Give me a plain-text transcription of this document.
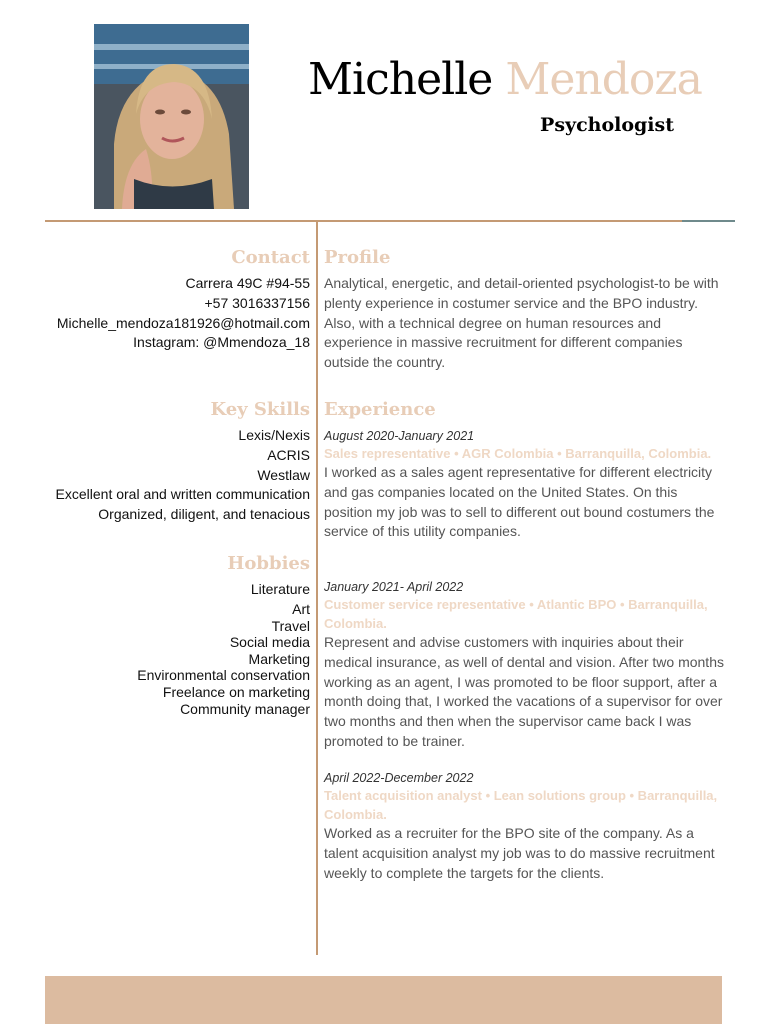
Michelle Mendoza
Psychologist
Contact
Carrera 49C #94-55
+57 3016337156
Michelle_mendoza181926@hotmail.com
Instagram: @Mmendoza_18
Key Skills
Lexis/Nexis
ACRIS
Westlaw
Excellent oral and written communication
Organized, diligent, and tenacious
Hobbies
Literature
Art
Travel
Social media
Marketing
Environmental conservation
Freelance on marketing
Community manager
Profile

Analytical, energetic, and detail-oriented psychologist-to be with plenty experience in costumer service and the BPO industry. Also, with a technical degree on human resources and experience in massive recruitment for different companies outside the country.

Experience
August 2020-January 2021
Sales representative • AGR Colombia • Barranquilla, Colombia.

I worked as a sales agent representative for different electricity and gas companies located on the United States. On this position my job was to sell to different out bound costumers the service of this utility companies.

January 2021- April 2022
Customer service representative • Atlantic BPO • Barranquilla, Colombia.

Represent and advise customers with inquiries about their medical insurance, as well of dental and vision. After two months working as an agent, I was promoted to be floor support, after a month doing that, I worked the vacations of a supervisor for over two months and then when the supervisor came back I was promoted to be trainer.

April 2022-December 2022
Talent acquisition analyst • Lean solutions group • Barranquilla, Colombia.

Worked as a recruiter for the BPO site of the company. As a talent acquisition analyst my job was to do massive recruitment weekly to complete the targets for the clients.
